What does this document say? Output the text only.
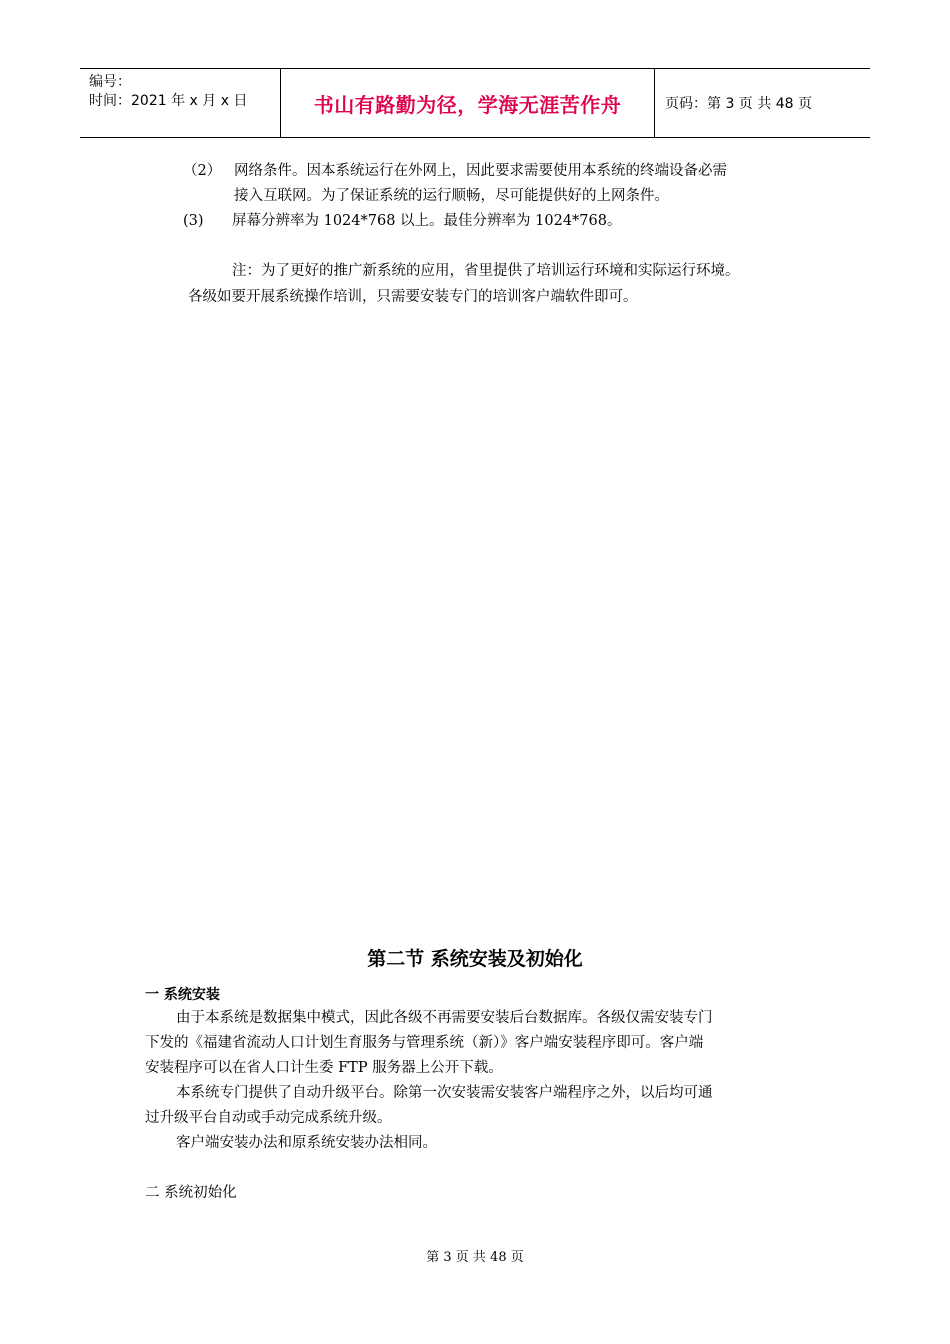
编号：
时间：2021 年 x 月 x 日	书山有路勤为径，学海无涯苦作舟	页码：第 3 页 共 48 页
（2） 网络条件。因本系统运行在外网上，因此要求需要使用本系统的终端设备必需
接入互联网。为了保证系统的运行顺畅，尽可能提供好的上网条件。
(3) 屏幕分辨率为 1024*768 以上。最佳分辨率为 1024*768。
注：为了更好的推广新系统的应用，省里提供了培训运行环境和实际运行环境。
各级如要开展系统操作培训，只需要安装专门的培训客户端软件即可。
第二节 系统安装及初始化
一 系统安装
由于本系统是数据集中模式，因此各级不再需要安装后台数据库。各级仅需安装专门
下发的《福建省流动人口计划生育服务与管理系统（新）》客户端安装程序即可。客户端
安装程序可以在省人口计生委 FTP 服务器上公开下载。
本系统专门提供了自动升级平台。除第一次安装需安装客户端程序之外，以后均可通
过升级平台自动或手动完成系统升级。
客户端安装办法和原系统安装办法相同。
二 系统初始化
第 3 页 共 48 页
